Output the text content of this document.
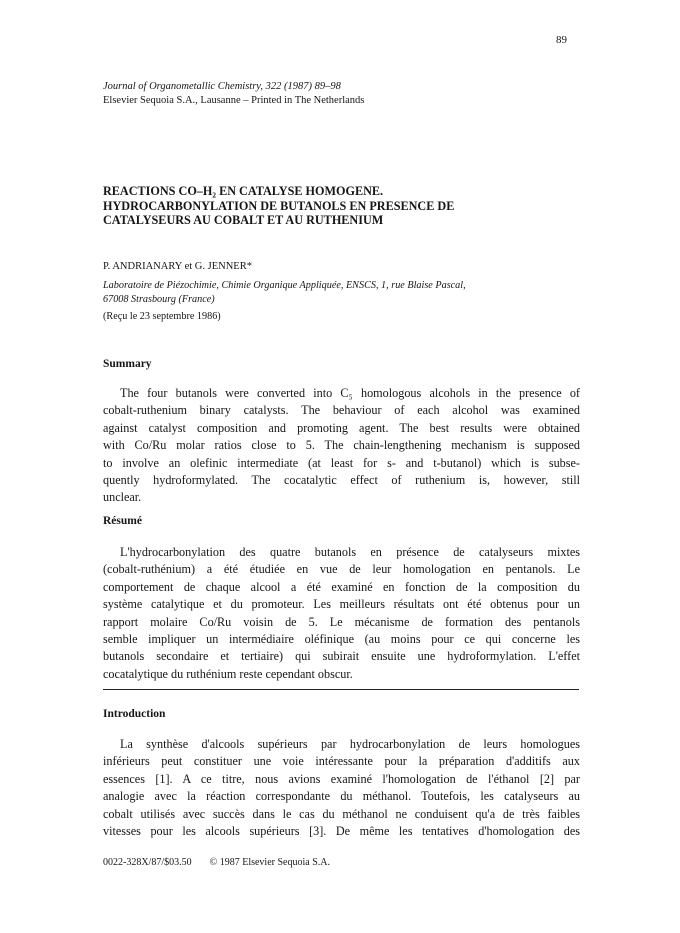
89
Journal of Organometallic Chemistry, 322 (1987) 89–98
Elsevier Sequoia S.A., Lausanne – Printed in The Netherlands
REACTIONS CO–H₂ EN CATALYSE HOMOGENE.
HYDROCARBONYLATION DE BUTANOLS EN PRESENCE DE
CATALYSEURS AU COBALT ET AU RUTHENIUM
P. ANDRIANARY et G. JENNER*
Laboratoire de Piézochimie, Chimie Organique Appliquée, ENSCS, 1, rue Blaise Pascal,
67008 Strasbourg (France)
(Reçu le 23 septembre 1986)
Summary
The four butanols were converted into C₅ homologous alcohols in the presence of
cobalt-ruthenium binary catalysts. The behaviour of each alcohol was examined
against catalyst composition and promoting agent. The best results were obtained
with Co/Ru molar ratios close to 5. The chain-lengthening mechanism is supposed
to involve an olefinic intermediate (at least for s- and t-butanol) which is subse-
quently hydroformylated. The cocatalytic effect of ruthenium is, however, still
unclear.
Résumé
L'hydrocarbonylation des quatre butanols en présence de catalyseurs mixtes
(cobalt-ruthénium) a été étudiée en vue de leur homologation en pentanols. Le
comportement de chaque alcool a été examiné en fonction de la composition du
système catalytique et du promoteur. Les meilleurs résultats ont été obtenus pour un
rapport molaire Co/Ru voisin de 5. Le mécanisme de formation des pentanols
semble impliquer un intermédiaire oléfinique (au moins pour ce qui concerne les
butanols secondaire et tertiaire) qui subirait ensuite une hydroformylation. L'effet
cocatalytique du ruthénium reste cependant obscur.
Introduction
La synthèse d'alcools supérieurs par hydrocarbonylation de leurs homologues
inférieurs peut constituer une voie intéressante pour la préparation d'additifs aux
essences [1]. A ce titre, nous avions examiné l'homologation de l'éthanol [2] par
analogie avec la réaction correspondante du méthanol. Toutefois, les catalyseurs au
cobalt utilisés avec succès dans le cas du méthanol ne conduisent qu'a de très faibles
vitesses pour les alcools supérieurs [3]. De même les tentatives d'homologation des
0022-328X/87/$03.50 © 1987 Elsevier Sequoia S.A.
